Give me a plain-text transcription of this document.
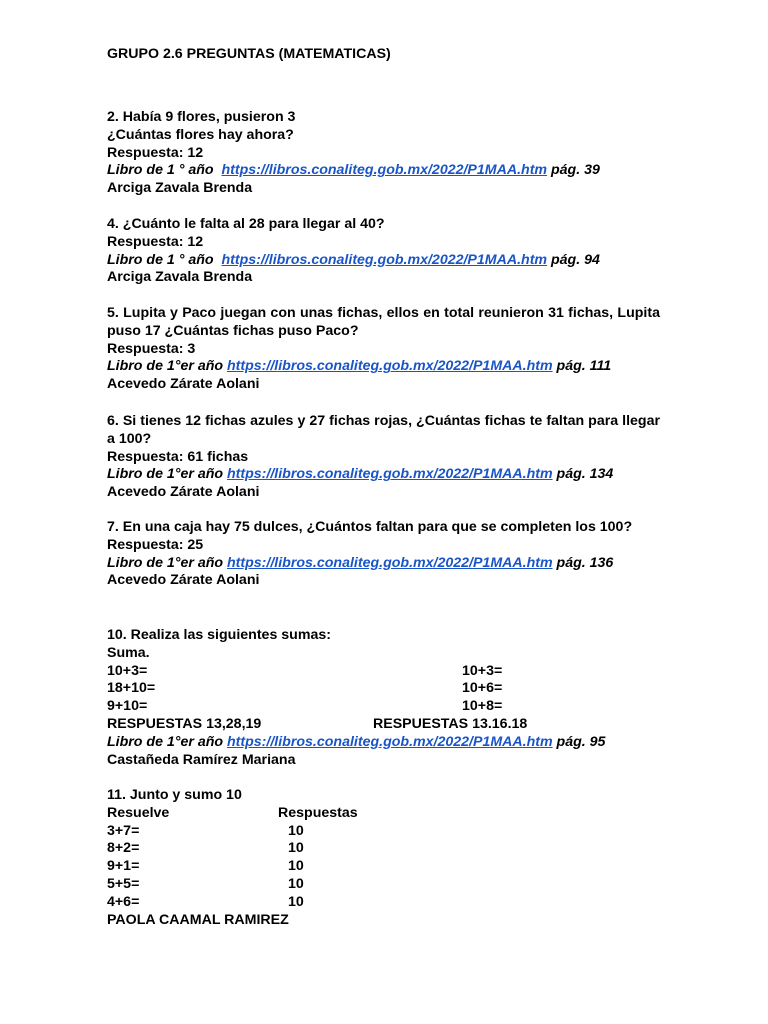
GRUPO 2.6 PREGUNTAS (MATEMATICAS)
2. Había 9 flores, pusieron 3
¿Cuántas flores hay ahora?
Respuesta: 12
Libro de 1 ° año https://libros.conaliteg.gob.mx/2022/P1MAA.htm pág. 39
Arciga Zavala Brenda
4. ¿Cuánto le falta al 28 para llegar al 40?
Respuesta: 12
Libro de 1 ° año https://libros.conaliteg.gob.mx/2022/P1MAA.htm pág. 94
Arciga Zavala Brenda
5. Lupita y Paco juegan con unas fichas, ellos en total reunieron 31 fichas, Lupita puso 17 ¿Cuántas fichas puso Paco?
Respuesta: 3
Libro de 1°er año https://libros.conaliteg.gob.mx/2022/P1MAA.htm pág. 111
Acevedo Zárate Aolani
6. Si tienes 12 fichas azules y 27 fichas rojas, ¿Cuántas fichas te faltan para llegar a 100?
Respuesta: 61 fichas
Libro de 1°er año https://libros.conaliteg.gob.mx/2022/P1MAA.htm pág. 134
Acevedo Zárate Aolani
7. En una caja hay 75 dulces, ¿Cuántos faltan para que se completen los 100?
Respuesta: 25
Libro de 1°er año https://libros.conaliteg.gob.mx/2022/P1MAA.htm pág. 136
Acevedo Zárate Aolani
10. Realiza las siguientes sumas:
Suma.
10+3=	10+3=
18+10=	10+6=
9+10=	10+8=
RESPUESTAS 13,28,19	RESPUESTAS 13.16.18
Libro de 1°er año https://libros.conaliteg.gob.mx/2022/P1MAA.htm pág. 95
Castañeda Ramírez Mariana
11. Junto y sumo 10
Resuelve	Respuestas
3+7=	10
8+2=	10
9+1=	10
5+5=	10
4+6=	10
PAOLA CAAMAL RAMIREZ
